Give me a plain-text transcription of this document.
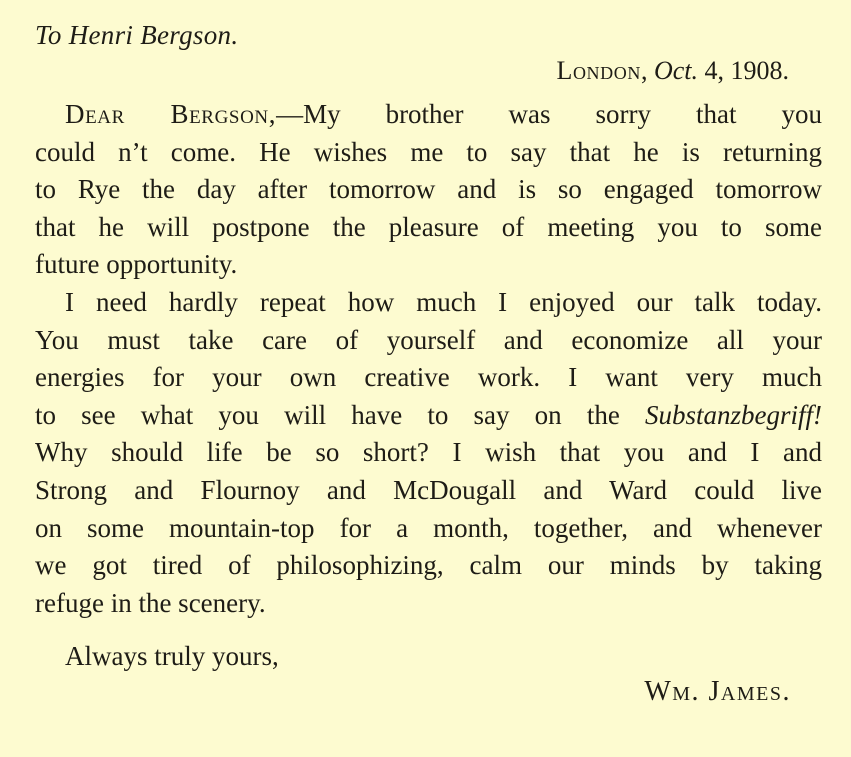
To Henri Bergson.
London, Oct. 4, 1908.
Dear Bergson,—My brother was sorry that you
could n’t come. He wishes me to say that he is returning
to Rye the day after tomorrow and is so engaged tomorrow
that he will postpone the pleasure of meeting you to some
future opportunity.
I need hardly repeat how much I enjoyed our talk today.
You must take care of yourself and economize all your
energies for your own creative work. I want very much
to see what you will have to say on the Substanzbegriff!
Why should life be so short? I wish that you and I and
Strong and Flournoy and McDougall and Ward could live
on some mountain-top for a month, together, and whenever
we got tired of philosophizing, calm our minds by taking
refuge in the scenery.
Always truly yours,
Wm. James.
